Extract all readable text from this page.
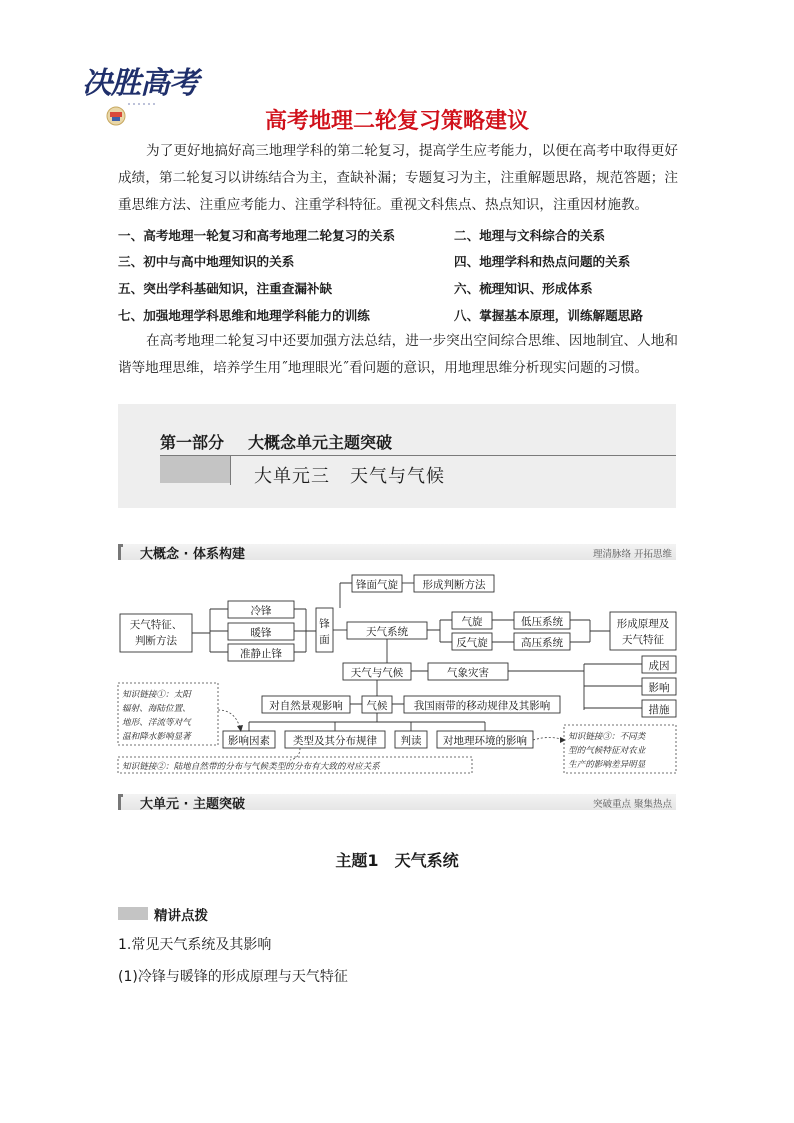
决胜高考
高考地理二轮复习策略建议
为了更好地搞好高三地理学科的第二轮复习，提高学生应考能力，以便在高考中取得更好成绩，第二轮复习以讲练结合为主，查缺补漏；专题复习为主，注重解题思路，规范答题；注重思维方法、注重应考能力、注重学科特征。重视文科焦点、热点知识，注重因材施教。
一、高考地理一轮复习和高考地理二轮复习的关系	二、地理与文科综合的关系
三、初中与高中地理知识的关系	四、地理学科和热点问题的关系
五、突出学科基础知识，注重查漏补缺	六、梳理知识、形成体系
七、加强地理学科思维和地理学科能力的训练	八、掌握基本原理，训练解题思路
在高考地理二轮复习中还要加强方法总结，进一步突出空间综合思维、因地制宜、人地和谐等地理思维，培养学生用˝地理眼光˝看问题的意识，用地理思维分析现实问题的习惯。
第一部分 大概念单元主题突破
大单元三 天气与气候
大概念 · 体系构建	理清脉络 开拓思维
天气特征、
判断方法
冷锋
暖锋
准静止锋
锋
面
锋面气旋 形成判断方法
天气系统
气旋
反气旋
低压系统
高压系统
形成原理及
天气特征
天气与气候	气象灾害
成因
影响
措施
对自然景观影响 气候	我国雨带的移动规律及其影响
影响因素 类型及其分布规律 判读 对地理环境的影响
知识链接①：太阳
辐射、海陆位置、
地形、洋流等对气
温和降水影响显著
知识链接②：陆地自然带的分布与气候类型的分布有大致的对应关系
知识链接③：不同类
型的气候特征对农业
生产的影响差异明显
大单元 · 主题突破	突破重点 聚集热点
主题1 天气系统
精讲点拨
1.常见天气系统及其影响
(1)冷锋与暖锋的形成原理与天气特征
